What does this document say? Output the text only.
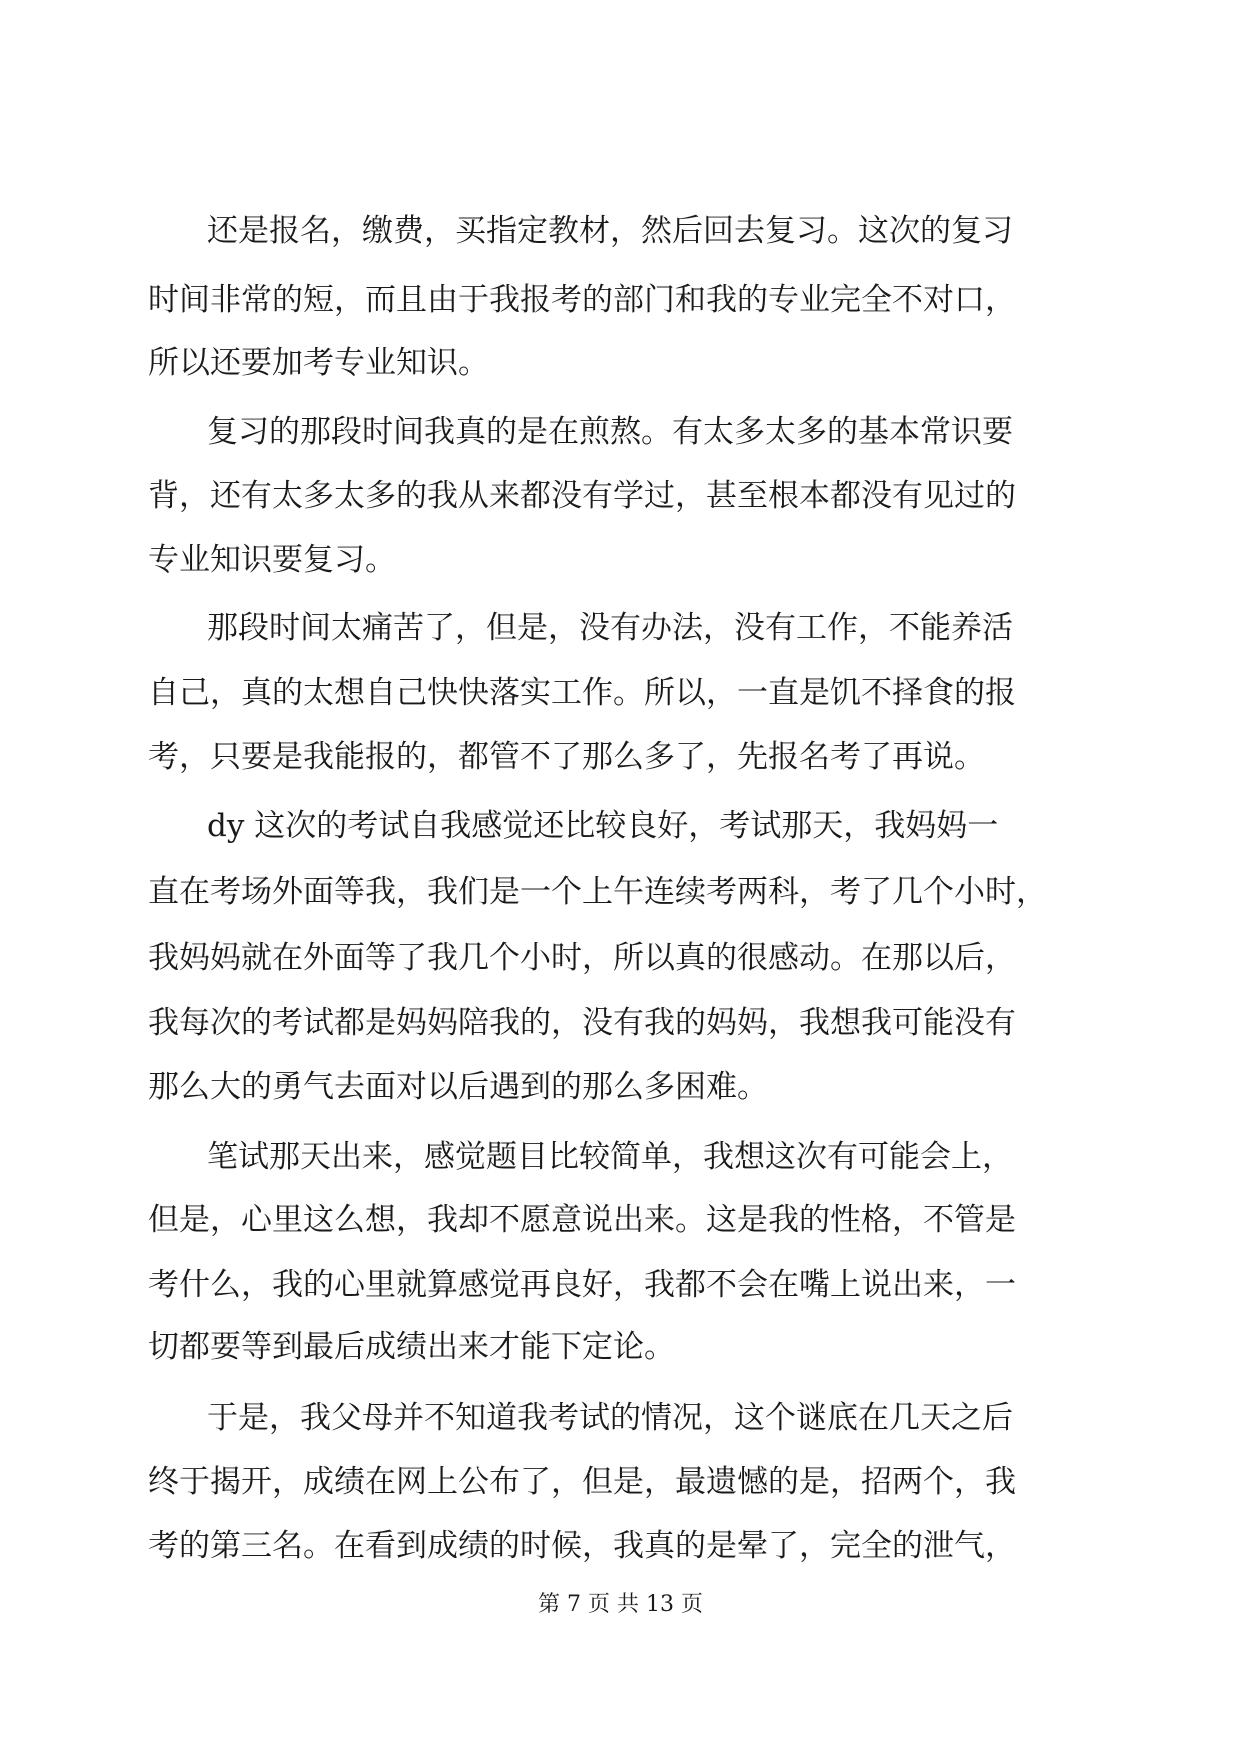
还是报名，缴费，买指定教材，然后回去复习。这次的复习
时间非常的短，而且由于我报考的部门和我的专业完全不对口，
所以还要加考专业知识。
复习的那段时间我真的是在煎熬。有太多太多的基本常识要
背，还有太多太多的我从来都没有学过，甚至根本都没有见过的
专业知识要复习。
那段时间太痛苦了，但是，没有办法，没有工作，不能养活
自己，真的太想自己快快落实工作。所以，一直是饥不择食的报
考，只要是我能报的，都管不了那么多了，先报名考了再说。
dy 这次的考试自我感觉还比较良好，考试那天，我妈妈一
直在考场外面等我，我们是一个上午连续考两科，考了几个小时，
我妈妈就在外面等了我几个小时，所以真的很感动。在那以后，
我每次的考试都是妈妈陪我的，没有我的妈妈，我想我可能没有
那么大的勇气去面对以后遇到的那么多困难。
笔试那天出来，感觉题目比较简单，我想这次有可能会上，
但是，心里这么想，我却不愿意说出来。这是我的性格，不管是
考什么，我的心里就算感觉再良好，我都不会在嘴上说出来，一
切都要等到最后成绩出来才能下定论。
于是，我父母并不知道我考试的情况，这个谜底在几天之后
终于揭开，成绩在网上公布了，但是，最遗憾的是，招两个，我
考的第三名。在看到成绩的时候，我真的是晕了，完全的泄气，
第 7 页 共 13 页
